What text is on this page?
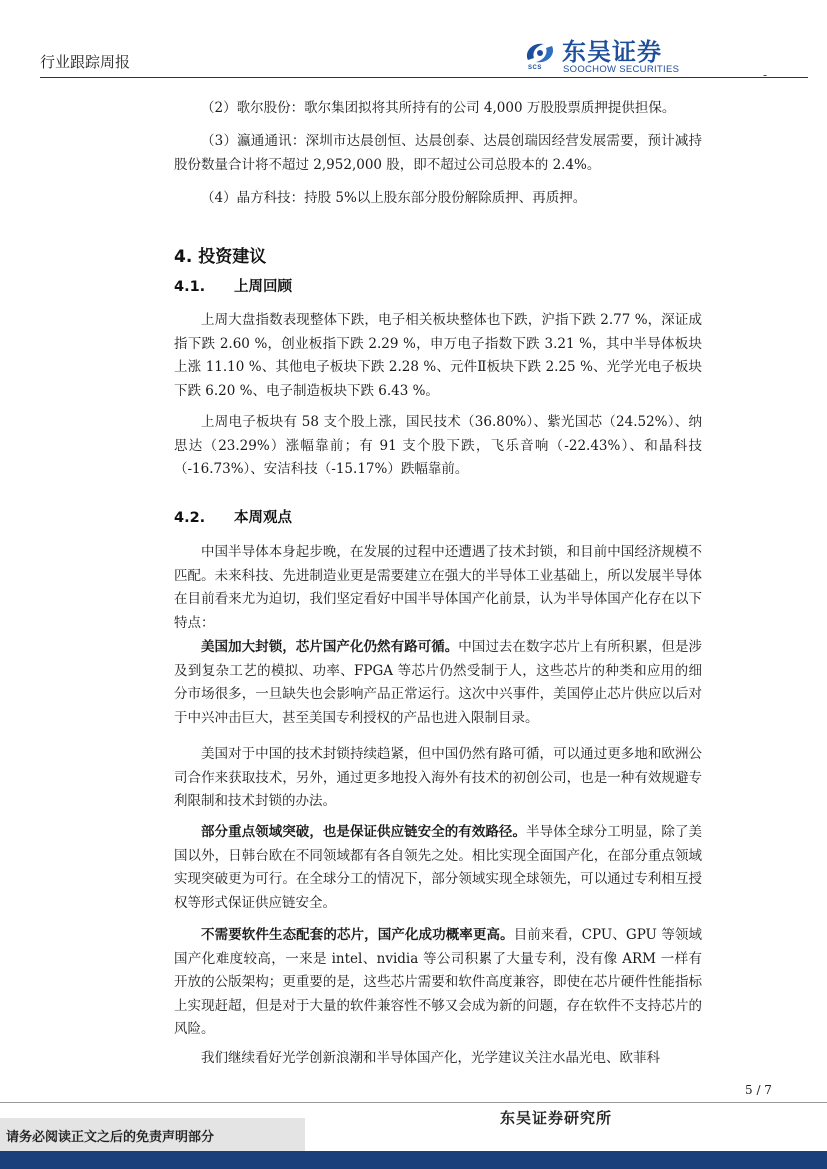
行业跟踪周报	SCS
东吴证券
SOOCHOW SECURITIES	-

（2）歌尔股份：歌尔集团拟将其所持有的公司 4,000 万股股票质押提供担保。

（3）瀛通通讯：深圳市达晨创恒、达晨创泰、达晨创瑞因经营发展需要，预计减持股份数量合计将不超过 2,952,000 股，即不超过公司总股本的 2.4%。

（4）晶方科技：持股 5%以上股东部分股份解除质押、再质押。

4. 投资建议
4.1. 上周回顾

上周大盘指数表现整体下跌，电子相关板块整体也下跌，沪指下跌 2.77 %，深证成指下跌 2.60 %，创业板指下跌 2.29 %，申万电子指数下跌 3.21 %，其中半导体板块上涨 11.10 %、其他电子板块下跌 2.28 %、元件Ⅱ板块下跌 2.25 %、光学光电子板块下跌 6.20 %、电子制造板块下跌 6.43 %。

上周电子板块有 58 支个股上涨，国民技术（36.80%）、紫光国芯（24.52%）、纳思达（23.29%）涨幅靠前；有 91 支个股下跌，飞乐音响（-22.43%）、和晶科技（-16.73%）、安洁科技（-15.17%）跌幅靠前。

4.2. 本周观点

中国半导体本身起步晚，在发展的过程中还遭遇了技术封锁，和目前中国经济规模不匹配。未来科技、先进制造业更是需要建立在强大的半导体工业基础上，所以发展半导体在目前看来尤为迫切，我们坚定看好中国半导体国产化前景，认为半导体国产化存在以下特点：

美国加大封锁，芯片国产化仍然有路可循。中国过去在数字芯片上有所积累，但是涉及到复杂工艺的模拟、功率、FPGA 等芯片仍然受制于人，这些芯片的种类和应用的细分市场很多，一旦缺失也会影响产品正常运行。这次中兴事件，美国停止芯片供应以后对于中兴冲击巨大，甚至美国专利授权的产品也进入限制目录。

美国对于中国的技术封锁持续趋紧，但中国仍然有路可循，可以通过更多地和欧洲公司合作来获取技术，另外，通过更多地投入海外有技术的初创公司，也是一种有效规避专利限制和技术封锁的办法。

部分重点领域突破，也是保证供应链安全的有效路径。半导体全球分工明显，除了美国以外，日韩台欧在不同领域都有各自领先之处。相比实现全面国产化，在部分重点领域实现突破更为可行。在全球分工的情况下，部分领域实现全球领先，可以通过专利相互授权等形式保证供应链安全。

不需要软件生态配套的芯片，国产化成功概率更高。目前来看，CPU、GPU 等领域国产化难度较高，一来是 intel、nvidia 等公司积累了大量专利，没有像 ARM 一样有开放的公版架构；更重要的是，这些芯片需要和软件高度兼容，即使在芯片硬件性能指标上实现赶超，但是对于大量的软件兼容性不够又会成为新的问题，存在软件不支持芯片的风险。

我们继续看好光学创新浪潮和半导体国产化，光学建议关注水晶光电、欧菲科

5 / 7
东吴证券研究所
请务必阅读正文之后的免责声明部分
